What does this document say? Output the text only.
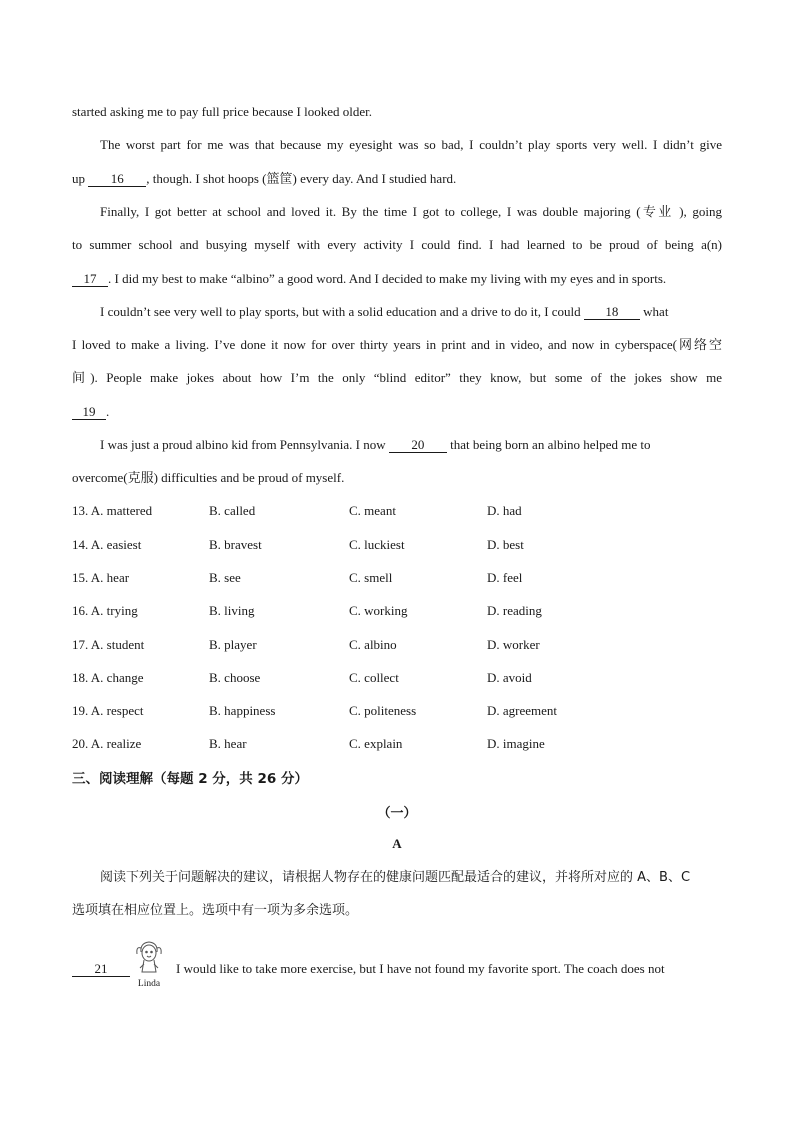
started asking me to pay full price because I looked older.
The worst part for me was that because my eyesight was so bad, I couldn’t play sports very well. I didn’t give
up 16 , though. I shot hoops (篮筐) every day. And I studied hard.
Finally, I got better at school and loved it. By the time I got to college, I was double majoring (专业 ), going
to summer school and busying myself with every activity I could find. I had learned to be proud of being a(n)
17 . I did my best to make “albino” a good word. And I decided to make my living with my eyes and in sports.
I couldn’t see very well to play sports, but with a solid education and a drive to do it, I could 18 what
I loved to make a living. I’ve done it now for over thirty years in print and in video, and now in cyberspace(网络空
间). People make jokes about how I’m the only “blind editor” they know, but some of the jokes show me
19 .
I was just a proud albino kid from Pennsylvania. I now 20 that being born an albino helped me to
overcome(克服) difficulties and be proud of myself.
13. A. mattered	B. called	C. meant	D. had
14. A. easiest	B. bravest	C. luckiest	D. best
15. A. hear	B. see	C. smell	D. feel
16. A. trying	B. living	C. working	D. reading
17. A. student	B. player	C. albino	D. worker
18. A. change	B. choose	C. collect	D. avoid
19. A. respect	B. happiness	C. politeness	D. agreement
20. A. realize	B. hear	C. explain	D. imagine
三、阅读理解（每题 2 分，共 26 分）
（一）
A
阅读下列关于问题解决的建议，请根据人物存在的健康问题匹配最适合的建议，并将所对应的 A、B、C
选项填在相应位置上。选项中有一项为多余选项。
21
Linda
I would like to take more exercise, but I have not found my favorite sport. The coach does not
